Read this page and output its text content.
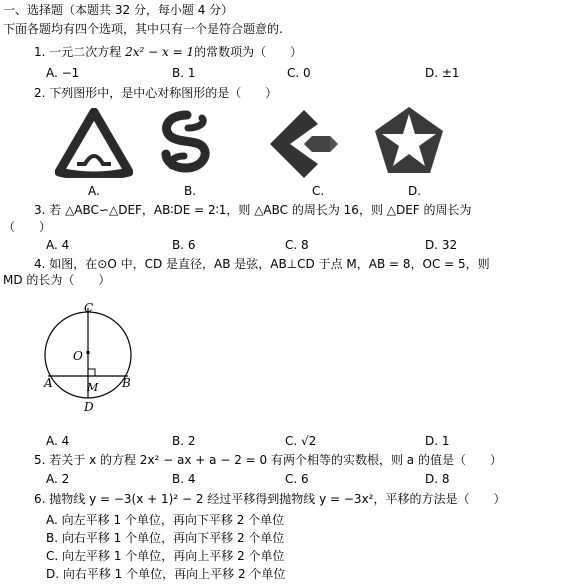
一、选择题（本题共 32 分，每小题 4 分）
下面各题均有四个选项，其中只有一个是符合题意的.
1. 一元二次方程 2x² − x = 1的常数项为（　　）
A. −1	B. 1	C. 0	D. ±1
2. 下列图形中，是中心对称图形的是（　　）
A.	B.	C.	D.
3. 若 △ABC∽△DEF，AB∶DE = 2∶1，则 △ABC 的周长为 16，则 △DEF 的周长为
（　　）
A. 4	B. 6	C. 8	D. 32
4. 如图，在⊙O 中，CD 是直径，AB 是弦，AB⊥CD 于点 M，AB = 8，OC = 5，则
MD 的长为（　　）
C
O
A	M B
D
A. 4	B. 2	C. √2	D. 1
5. 若关于 x 的方程 2x² − ax + a − 2 = 0 有两个相等的实数根，则 a 的值是（　　）
A. 2	B. 4	C. 6	D. 8
6. 抛物线 y = −3(x + 1)² − 2 经过平移得到抛物线 y = −3x²，平移的方法是（　　）
A. 向左平移 1 个单位，再向下平移 2 个单位
B. 向右平移 1 个单位，再向下平移 2 个单位
C. 向左平移 1 个单位，再向上平移 2 个单位
D. 向右平移 1 个单位，再向上平移 2 个单位
